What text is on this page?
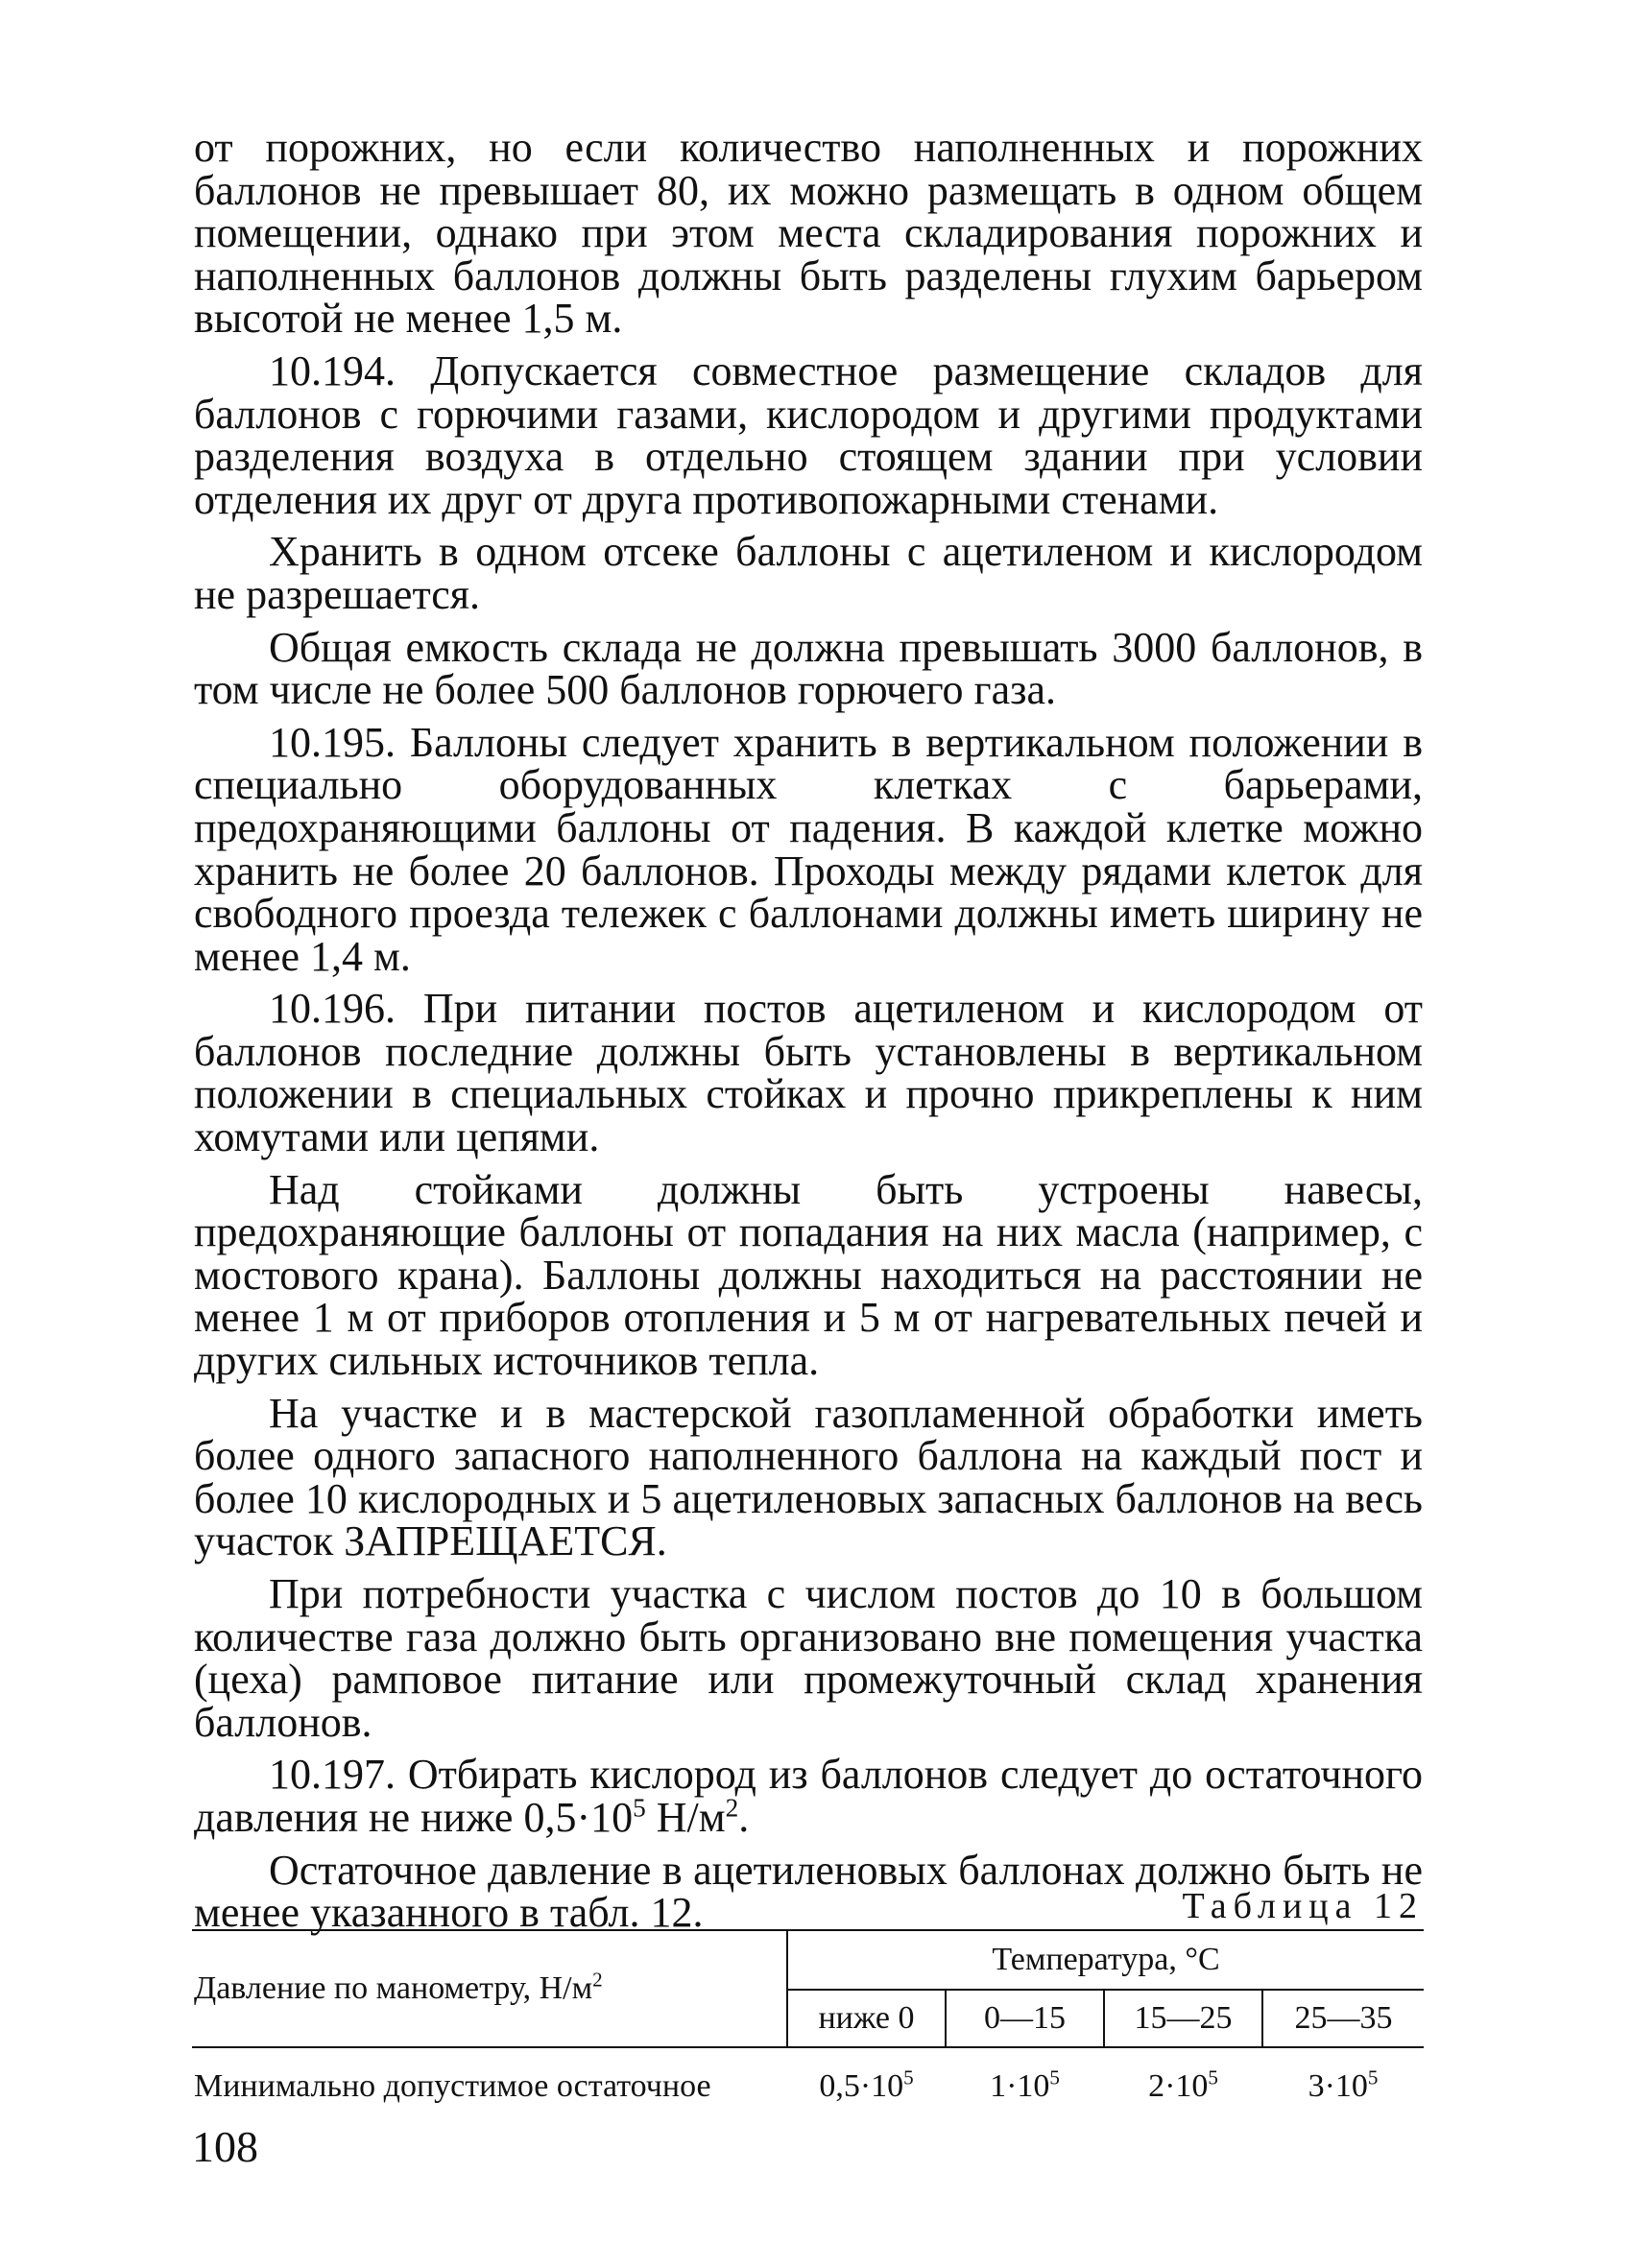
от порожних, но если количество наполненных и порожних баллонов не превышает 80, их можно размещать в одном общем помещении, однако при этом места складирования порожних и наполненных баллонов должны быть разделены глухим барьером высотой не менее 1,5 м.

10.194. Допускается совместное размещение складов для баллонов с горючими газами, кислородом и другими продуктами разделения воздуха в отдельно стоящем здании при условии отделения их друг от друга противопожарными стенами.

Хранить в одном отсеке баллоны с ацетиленом и кислородом не разрешается.

Общая емкость склада не должна превышать 3000 баллонов, в том числе не более 500 баллонов горючего газа.

10.195. Баллоны следует хранить в вертикальном положении в специально оборудованных клетках с барьерами, предохраняющими баллоны от падения. В каждой клетке можно хранить не более 20 баллонов. Проходы между рядами клеток для свободного проезда тележек с баллонами должны иметь ширину не менее 1,4 м.

10.196. При питании постов ацетиленом и кислородом от баллонов последние должны быть установлены в вертикальном положении в специальных стойках и прочно прикреплены к ним хомутами или цепями.

Над стойками должны быть устроены навесы, предохраняющие баллоны от попадания на них масла (например, с мостового крана). Баллоны должны находиться на расстоянии не менее 1 м от приборов отопления и 5 м от нагревательных печей и других сильных источников тепла.

На участке и в мастерской газопламенной обработки иметь более одного запасного наполненного баллона на каждый пост и более 10 кислородных и 5 ацетиленовых запасных баллонов на весь участок ЗАПРЕЩАЕТСЯ.

При потребности участка с числом постов до 10 в большом количестве газа должно быть организовано вне помещения участка (цеха) рамповое питание или промежуточный склад хранения баллонов.

10.197. Отбирать кислород из баллонов следует до остаточного давления не ниже $0,5\cdot 10^5$ $Н/м^2$.

Остаточное давление в ацетиленовых баллонах должно быть не менее указанного в табл. 12.	Таблица 12
Давление по манометру, $Н/м^2$	Температура, °С			
	ниже 0	0—15	15—25	25—35
Минимально допустимое остаточное	$0,5\cdot 10^5$	$1\cdot 10^5$	$2\cdot 10^5$	$3\cdot 10^5$
108
